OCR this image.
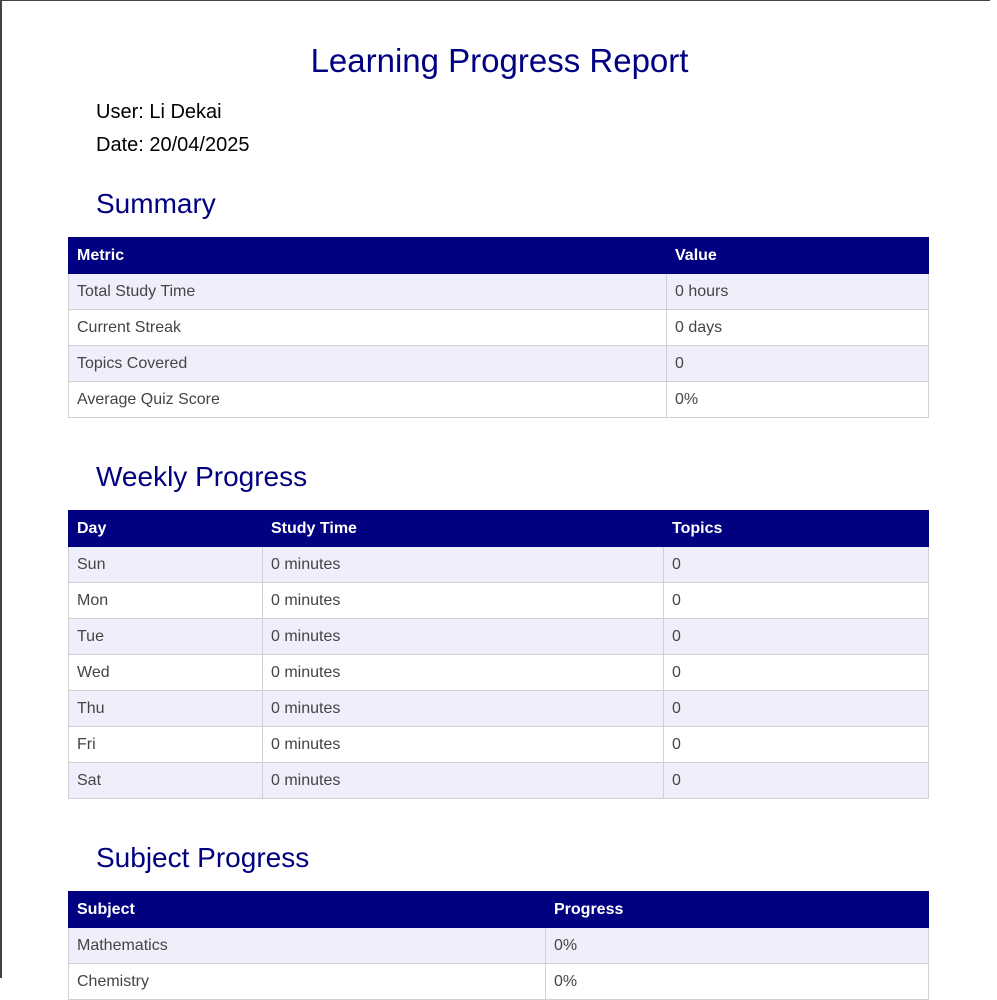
Learning Progress Report
User: Li Dekai
Date: 20/04/2025
Summary
Metric	Value
Total Study Time	0 hours
Current Streak	0 days
Topics Covered	0
Average Quiz Score	0%
Weekly Progress
Day	Study Time	Topics
Sun	0 minutes	0
Mon	0 minutes	0
Tue	0 minutes	0
Wed	0 minutes	0
Thu	0 minutes	0
Fri	0 minutes	0
Sat	0 minutes	0
Subject Progress
Subject	Progress
Mathematics	0%
Chemistry	0%
